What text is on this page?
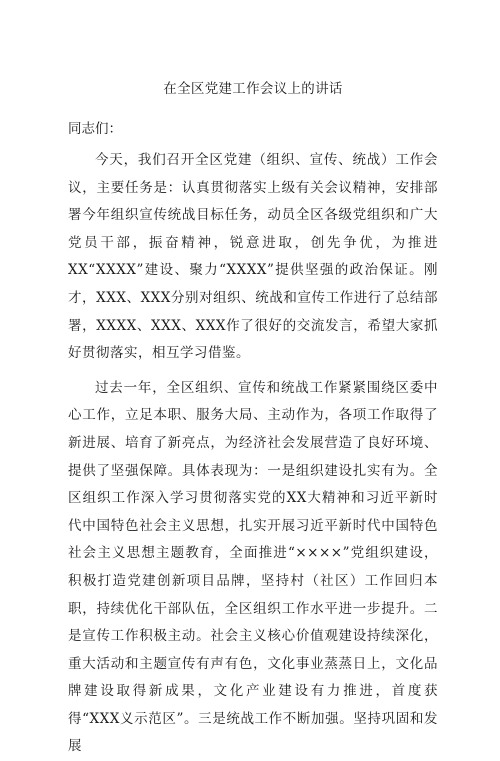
在全区党建工作会议上的讲话
同志们：

今天，我们召开全区党建（组织、宣传、统战）工作会议，主要任务是：认真贯彻落实上级有关会议精神，安排部署今年组织宣传统战目标任务，动员全区各级党组织和广大党员干部，振奋精神，锐意进取，创先争优，为推进XX“XXXX”建设、聚力“XXXX”提供坚强的政治保证。刚才，XXX、XXX分别对组织、统战和宣传工作进行了总结部署，XXXX、XXX、XXX作了很好的交流发言，希望大家抓好贯彻落实，相互学习借鉴。

过去一年，全区组织、宣传和统战工作紧紧围绕区委中心工作，立足本职、服务大局、主动作为，各项工作取得了新进展、培育了新亮点，为经济社会发展营造了良好环境、提供了坚强保障。具体表现为：一是组织建设扎实有为。全区组织工作深入学习贯彻落实党的XX大精神和习近平新时代中国特色社会主义思想，扎实开展习近平新时代中国特色社会主义思想主题教育，全面推进“××××”党组织建设，积极打造党建创新项目品牌，坚持村（社区）工作回归本职，持续优化干部队伍，全区组织工作水平进一步提升。二是宣传工作积极主动。社会主义核心价值观建设持续深化，重大活动和主题宣传有声有色，文化事业蒸蒸日上，文化品牌建设取得新成果，文化产业建设有力推进，首度获得“XXX义示范区”。三是统战工作不断加强。坚持巩固和发展
